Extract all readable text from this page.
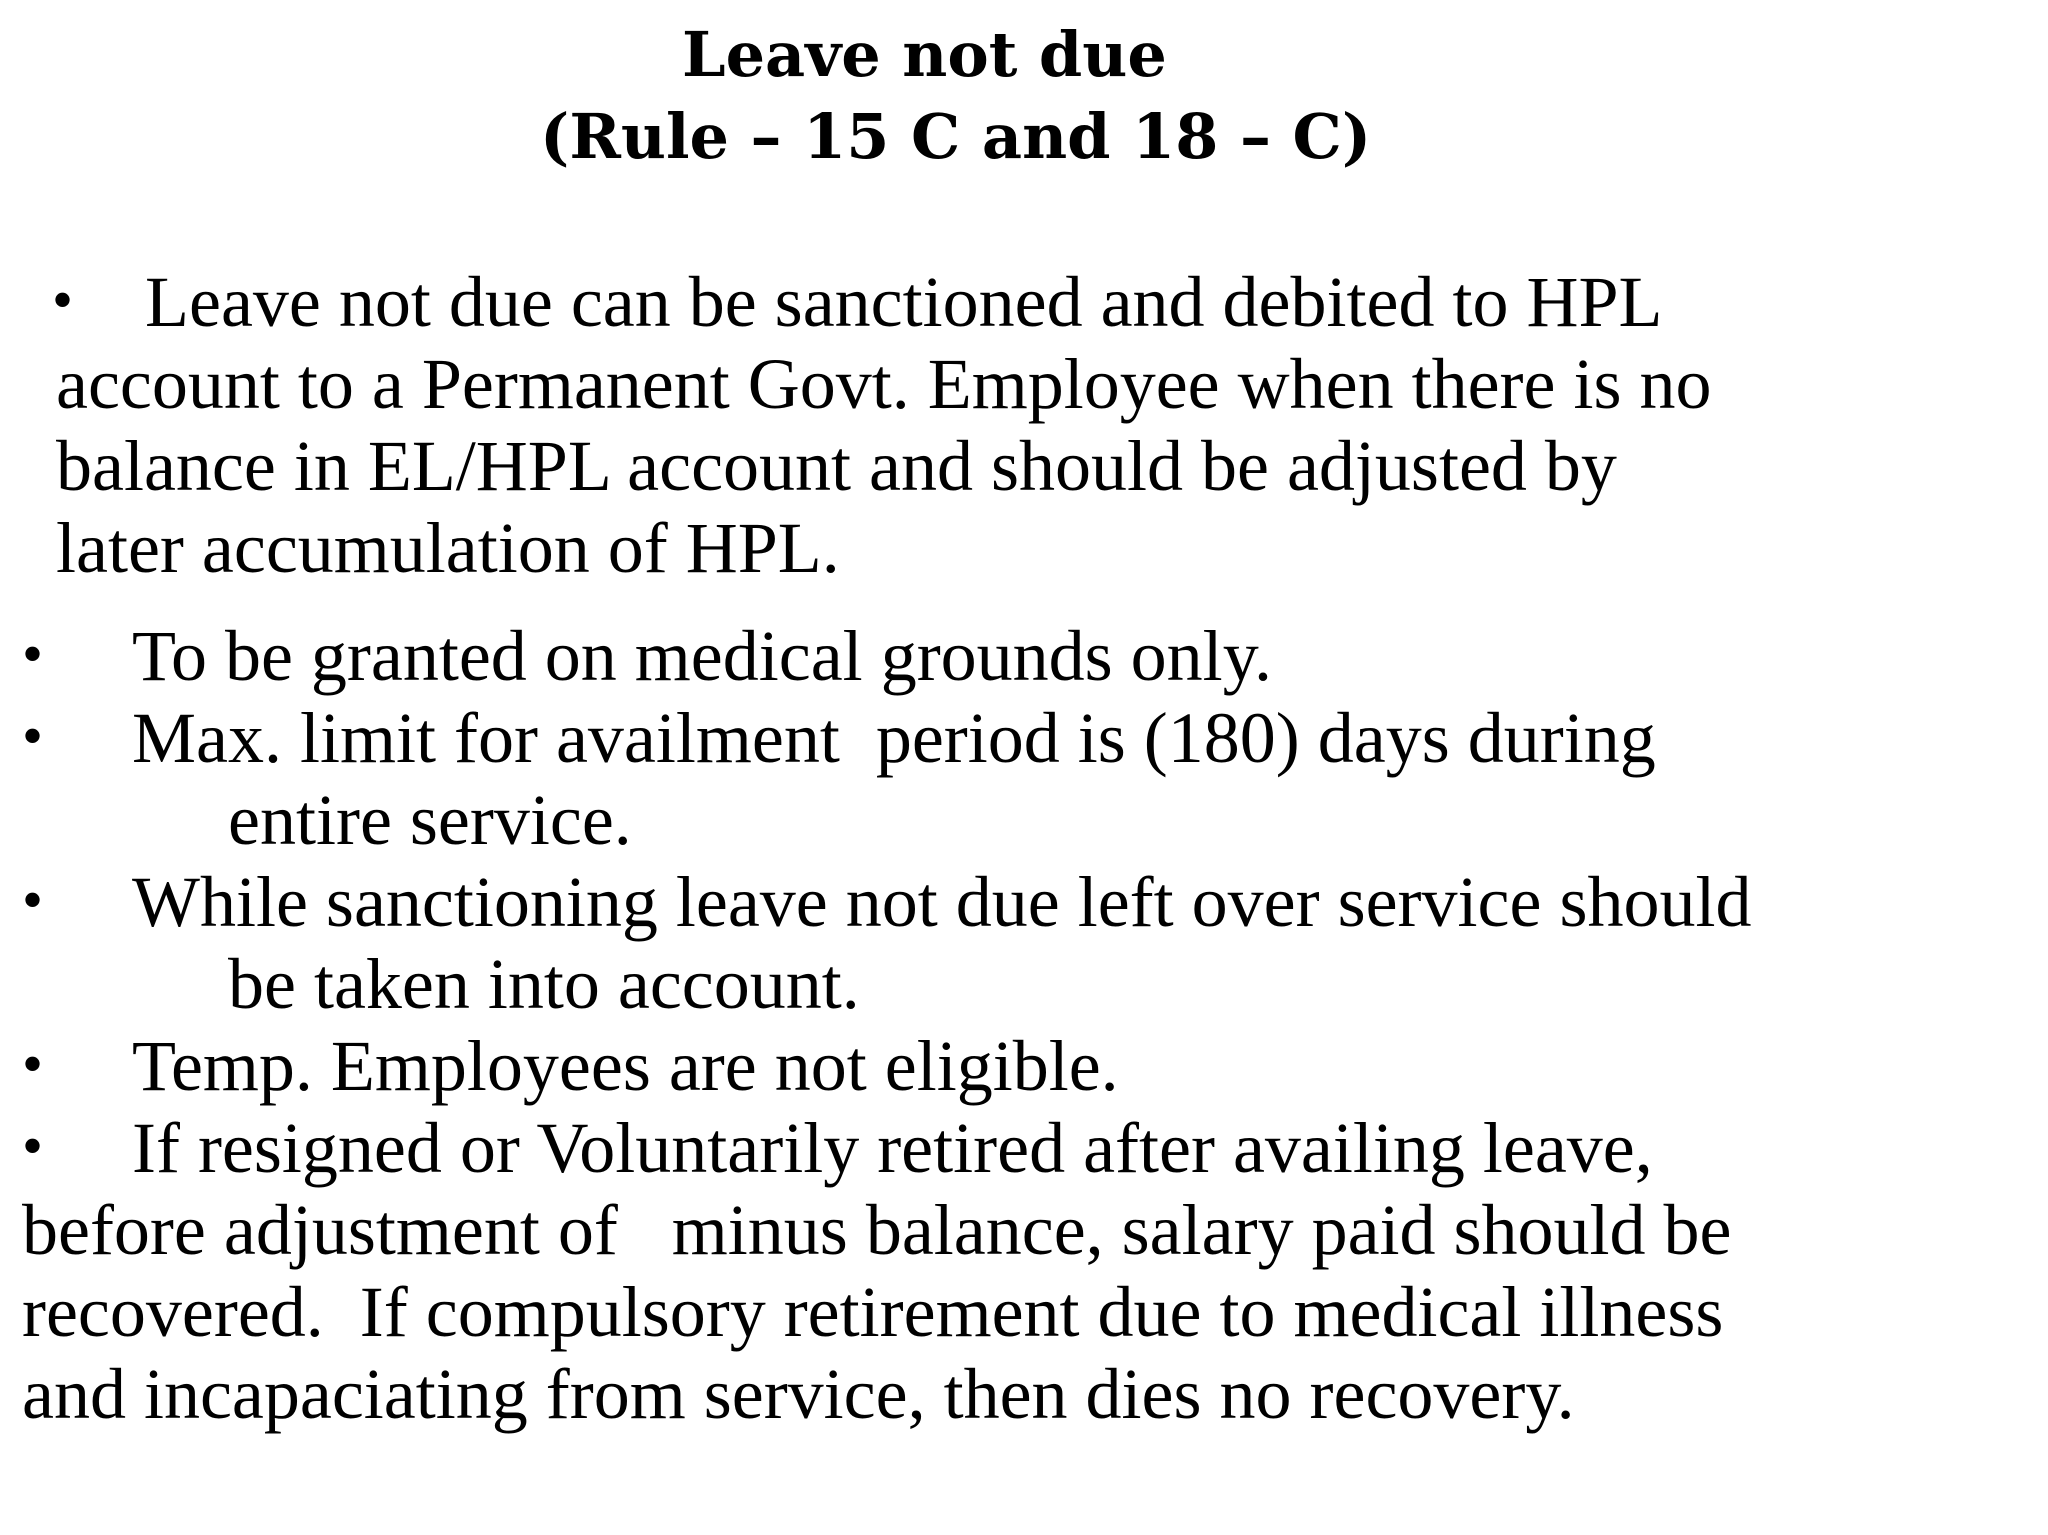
Leave not due
(Rule – 15 C and 18 – C)
• Leave not due can be sanctioned and debited to HPL
account to a Permanent Govt. Employee when there is no
balance in EL/HPL account and should be adjusted by
later accumulation of HPL.
• To be granted on medical grounds only.
• Max. limit for availment  period is (180) days during
entire service.
• While sanctioning leave not due left over service should
be taken into account.
• Temp. Employees are not eligible.
• If resigned or Voluntarily retired after availing leave,
before adjustment of   minus balance, salary paid should be
recovered.  If compulsory retirement due to medical illness
and incapaciating from service, then dies no recovery.
